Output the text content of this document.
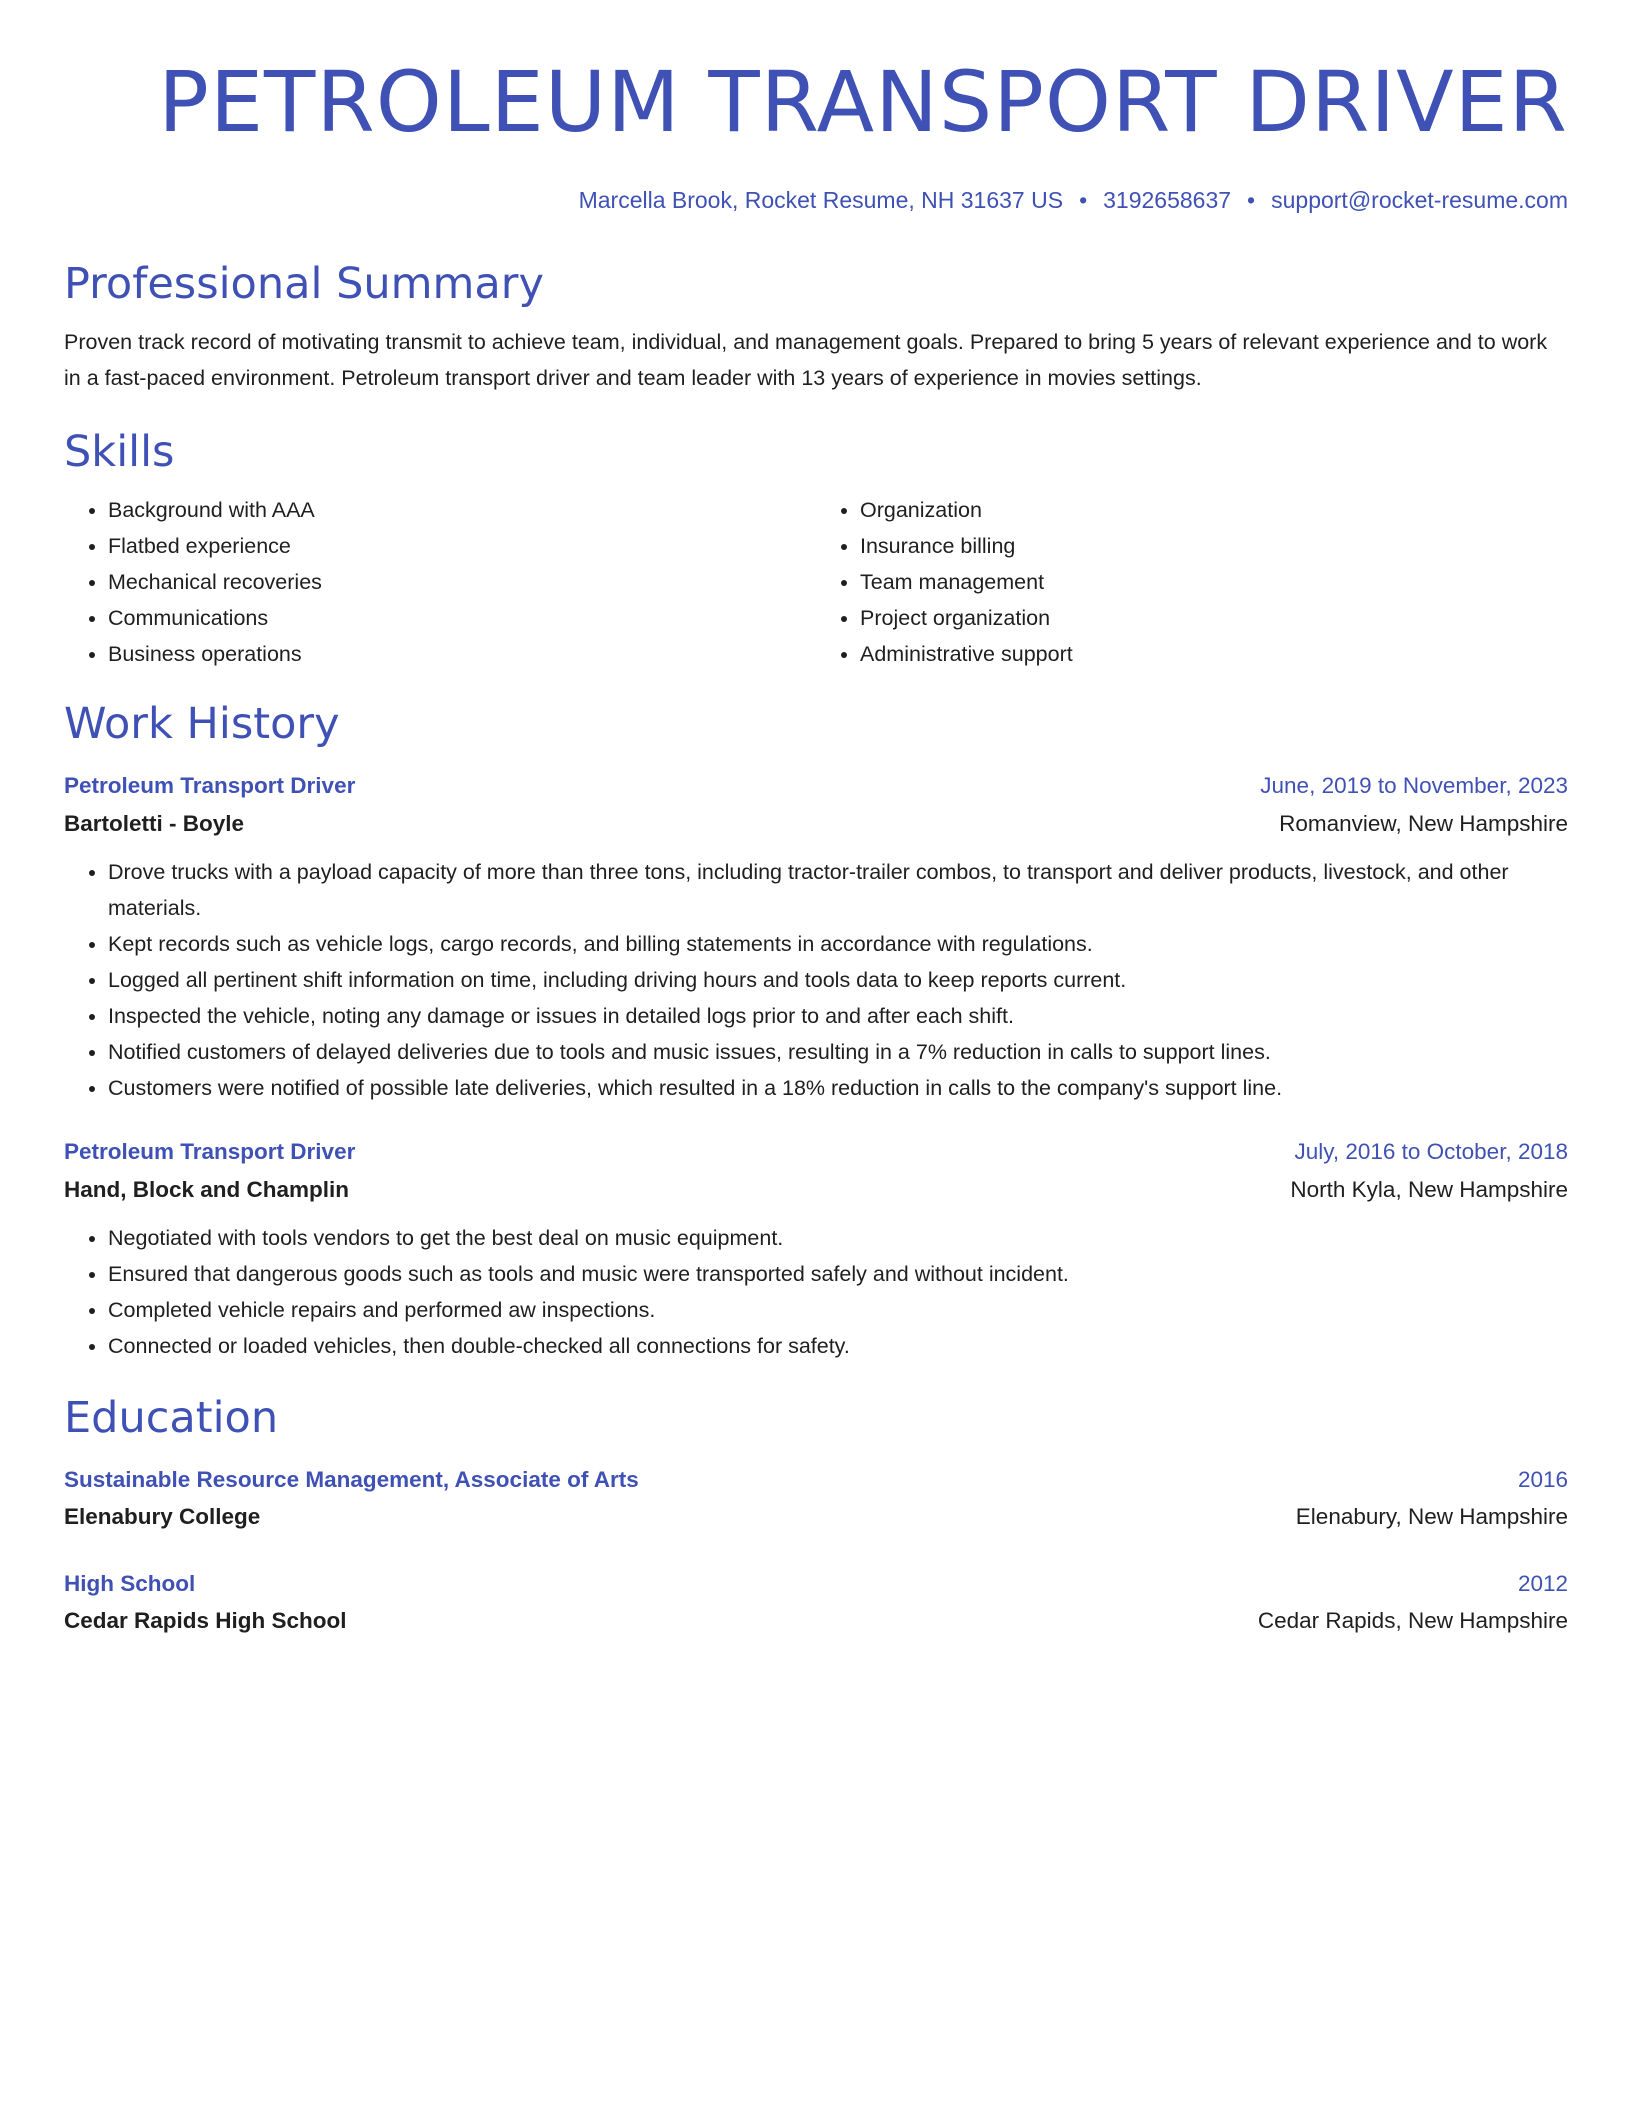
PETROLEUM TRANSPORT DRIVER
Marcella Brook, Rocket Resume, NH 31637 US • 3192658637 • support@rocket-resume.com
Professional Summary
Proven track record of motivating transmit to achieve team, individual, and management goals. Prepared to bring 5 years of relevant experience and to work in a fast-paced environment. Petroleum transport driver and team leader with 13 years of experience in movies settings.
Skills
• Background with AAA
• Flatbed experience
• Mechanical recoveries
• Communications
• Business operations
• Organization
• Insurance billing
• Team management
• Project organization
• Administrative support
Work History
Petroleum Transport Driver	June, 2019 to November, 2023
Bartoletti - Boyle	Romanview, New Hampshire
• Drove trucks with a payload capacity of more than three tons, including tractor-trailer combos, to transport and deliver products, livestock, and other materials.
• Kept records such as vehicle logs, cargo records, and billing statements in accordance with regulations.
• Logged all pertinent shift information on time, including driving hours and tools data to keep reports current.
• Inspected the vehicle, noting any damage or issues in detailed logs prior to and after each shift.
• Notified customers of delayed deliveries due to tools and music issues, resulting in a 7% reduction in calls to support lines.
• Customers were notified of possible late deliveries, which resulted in a 18% reduction in calls to the company's support line.
Petroleum Transport Driver	July, 2016 to October, 2018
Hand, Block and Champlin	North Kyla, New Hampshire
• Negotiated with tools vendors to get the best deal on music equipment.
• Ensured that dangerous goods such as tools and music were transported safely and without incident.
• Completed vehicle repairs and performed aw inspections.
• Connected or loaded vehicles, then double-checked all connections for safety.
Education
Sustainable Resource Management, Associate of Arts	2016
Elenabury College	Elenabury, New Hampshire
High School	2012
Cedar Rapids High School	Cedar Rapids, New Hampshire
